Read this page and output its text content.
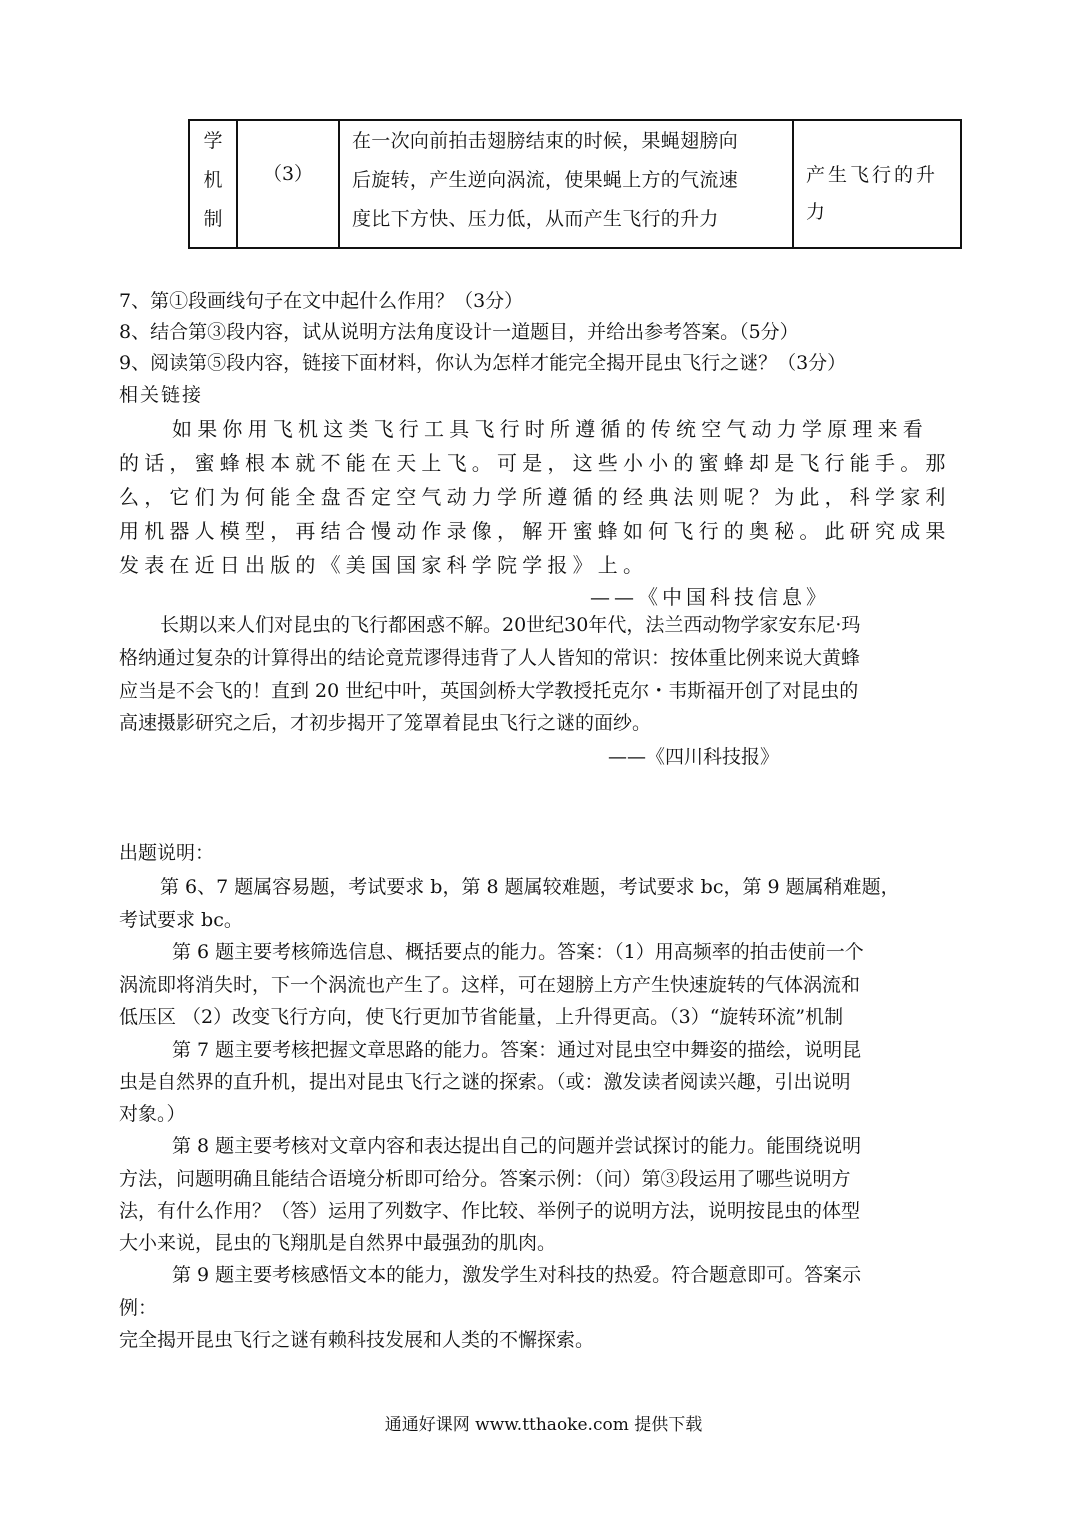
学
机
制

（3）

在一次向前拍击翅膀结束的时候，果蝇翅膀向
后旋转，产生逆向涡流，使果蝇上方的气流速
度比下方快、压力低，从而产生飞行的升力

产生飞行的升
力
7、第①段画线句子在文中起什么作用？（3分）
8、结合第③段内容，试从说明方法角度设计一道题目，并给出参考答案。（5分）
9、阅读第⑤段内容，链接下面材料，你认为怎样才能完全揭开昆虫飞行之谜？（3分）
相关链接
如果你用飞机这类飞行工具飞行时所遵循的传统空气动力学原理来看
的话，蜜蜂根本就不能在天上飞。可是，这些小小的蜜蜂却是飞行能手。那
么，它们为何能全盘否定空气动力学所遵循的经典法则呢？为此，科学家利
用机器人模型，再结合慢动作录像，解开蜜蜂如何飞行的奥秘。此研究成果
发表在近日出版的《美国国家科学院学报》上。
——《中国科技信息》
长期以来人们对昆虫的飞行都困惑不解。20世纪30年代，法兰西动物学家安东尼·玛
格纳通过复杂的计算得出的结论竟荒谬得违背了人人皆知的常识：按体重比例来说大黄蜂
应当是不会飞的！直到 20 世纪中叶，英国剑桥大学教授托克尔・韦斯福开创了对昆虫的
高速摄影研究之后，才初步揭开了笼罩着昆虫飞行之谜的面纱。
——《四川科技报》
出题说明：
第 6、7 题属容易题，考试要求 b，第 8 题属较难题，考试要求 bc，第 9 题属稍难题，
考试要求 bc。
第 6 题主要考核筛选信息、概括要点的能力。答案：（1）用高频率的拍击使前一个
涡流即将消失时，下一个涡流也产生了。这样，可在翅膀上方产生快速旋转的气体涡流和
低压区 （2）改变飞行方向，使飞行更加节省能量，上升得更高。（3）“旋转环流”机制
第 7 题主要考核把握文章思路的能力。答案：通过对昆虫空中舞姿的描绘，说明昆
虫是自然界的直升机，提出对昆虫飞行之谜的探索。（或：激发读者阅读兴趣，引出说明
对象。）
第 8 题主要考核对文章内容和表达提出自己的问题并尝试探讨的能力。能围绕说明
方法，问题明确且能结合语境分析即可给分。答案示例：（问）第③段运用了哪些说明方
法，有什么作用？（答）运用了列数字、作比较、举例子的说明方法，说明按昆虫的体型
大小来说，昆虫的飞翔肌是自然界中最强劲的肌肉。
第 9 题主要考核感悟文本的能力，激发学生对科技的热爱。符合题意即可。答案示
例：
完全揭开昆虫飞行之谜有赖科技发展和人类的不懈探索。
通通好课网 www.tthaoke.com 提供下载
